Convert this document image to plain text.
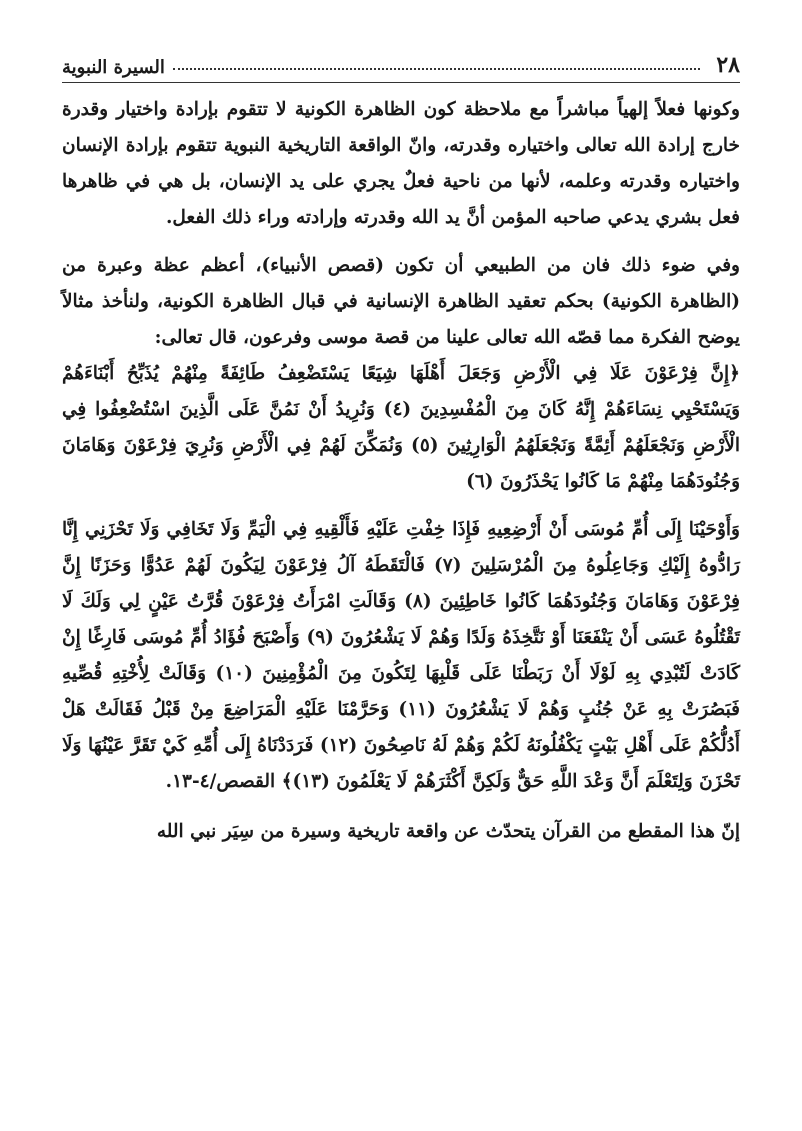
٢٨
السيرة النبوية

وكونها فعلاً إلهياً مباشراً مع ملاحظة كون الظاهرة الكونية لا تتقوم بإرادة واختيار وقدرة خارج إرادة الله تعالى واختياره وقدرته، وانّ الواقعة التاريخية النبوية تتقوم بإرادة الإنسان واختياره وقدرته وعلمه، لأنها من ناحية فعلٌ يجري على يد الإنسان، بل هي في ظاهرها فعل بشري يدعي صاحبه المؤمن أنَّ يد الله وقدرته وإرادته وراء ذلك الفعل.

وفي ضوء ذلك فان من الطبيعي أن تكون (قصص الأنبياء)، أعظم عظة وعبرة من (الظاهرة الكونية) بحكم تعقيد الظاهرة الإنسانية في قبال الظاهرة الكونية، ولنأخذ مثالاً يوضح الفكرة مما قصّه الله تعالى علينا من قصة موسى وفرعون، قال تعالى:

﴿إِنَّ فِرْعَوْنَ عَلَا فِي الْأَرْضِ وَجَعَلَ أَهْلَهَا شِيَعًا يَسْتَضْعِفُ طَائِفَةً مِنْهُمْ يُذَبِّحُ أَبْنَاءَهُمْ وَيَسْتَحْيِي نِسَاءَهُمْ إِنَّهُ كَانَ مِنَ الْمُفْسِدِينَ (٤) وَنُرِيدُ أَنْ نَمُنَّ عَلَى الَّذِينَ اسْتُضْعِفُوا فِي الْأَرْضِ وَنَجْعَلَهُمْ أَئِمَّةً وَنَجْعَلَهُمُ الْوَارِثِينَ (٥) وَنُمَكِّنَ لَهُمْ فِي الْأَرْضِ وَنُرِيَ فِرْعَوْنَ وَهَامَانَ وَجُنُودَهُمَا مِنْهُمْ مَا كَانُوا يَحْذَرُونَ (٦)

وَأَوْحَيْنَا إِلَى أُمِّ مُوسَى أَنْ أَرْضِعِيهِ فَإِذَا خِفْتِ عَلَيْهِ فَأَلْقِيهِ فِي الْيَمِّ وَلَا تَخَافِي وَلَا تَحْزَنِي إِنَّا رَادُّوهُ إِلَيْكِ وَجَاعِلُوهُ مِنَ الْمُرْسَلِينَ (٧) فَالْتَقَطَهُ آلُ فِرْعَوْنَ لِيَكُونَ لَهُمْ عَدُوًّا وَحَزَنًا إِنَّ فِرْعَوْنَ وَهَامَانَ وَجُنُودَهُمَا كَانُوا خَاطِئِينَ (٨) وَقَالَتِ امْرَأَتُ فِرْعَوْنَ قُرَّتُ عَيْنٍ لِي وَلَكَ لَا تَقْتُلُوهُ عَسَى أَنْ يَنْفَعَنَا أَوْ نَتَّخِذَهُ وَلَدًا وَهُمْ لَا يَشْعُرُونَ (٩) وَأَصْبَحَ فُؤَادُ أُمِّ مُوسَى فَارِغًا إِنْ كَادَتْ لَتُبْدِي بِهِ لَوْلَا أَنْ رَبَطْنَا عَلَى قَلْبِهَا لِتَكُونَ مِنَ الْمُؤْمِنِينَ (١٠) وَقَالَتْ لِأُخْتِهِ قُصِّيهِ فَبَصُرَتْ بِهِ عَنْ جُنُبٍ وَهُمْ لَا يَشْعُرُونَ (١١) وَحَرَّمْنَا عَلَيْهِ الْمَرَاضِعَ مِنْ قَبْلُ فَقَالَتْ هَلْ أَدُلُّكُمْ عَلَى أَهْلِ بَيْتٍ يَكْفُلُونَهُ لَكُمْ وَهُمْ لَهُ نَاصِحُونَ (١٢) فَرَدَدْنَاهُ إِلَى أُمِّهِ كَيْ تَقَرَّ عَيْنُهَا وَلَا تَحْزَنَ وَلِتَعْلَمَ أَنَّ وَعْدَ اللَّهِ حَقٌّ وَلَكِنَّ أَكْثَرَهُمْ لَا يَعْلَمُونَ (١٣)﴾ القصص/٤-١٣.

إنّ هذا المقطع من القرآن يتحدّث عن واقعة تاريخية وسيرة من سِيَر نبي الله
